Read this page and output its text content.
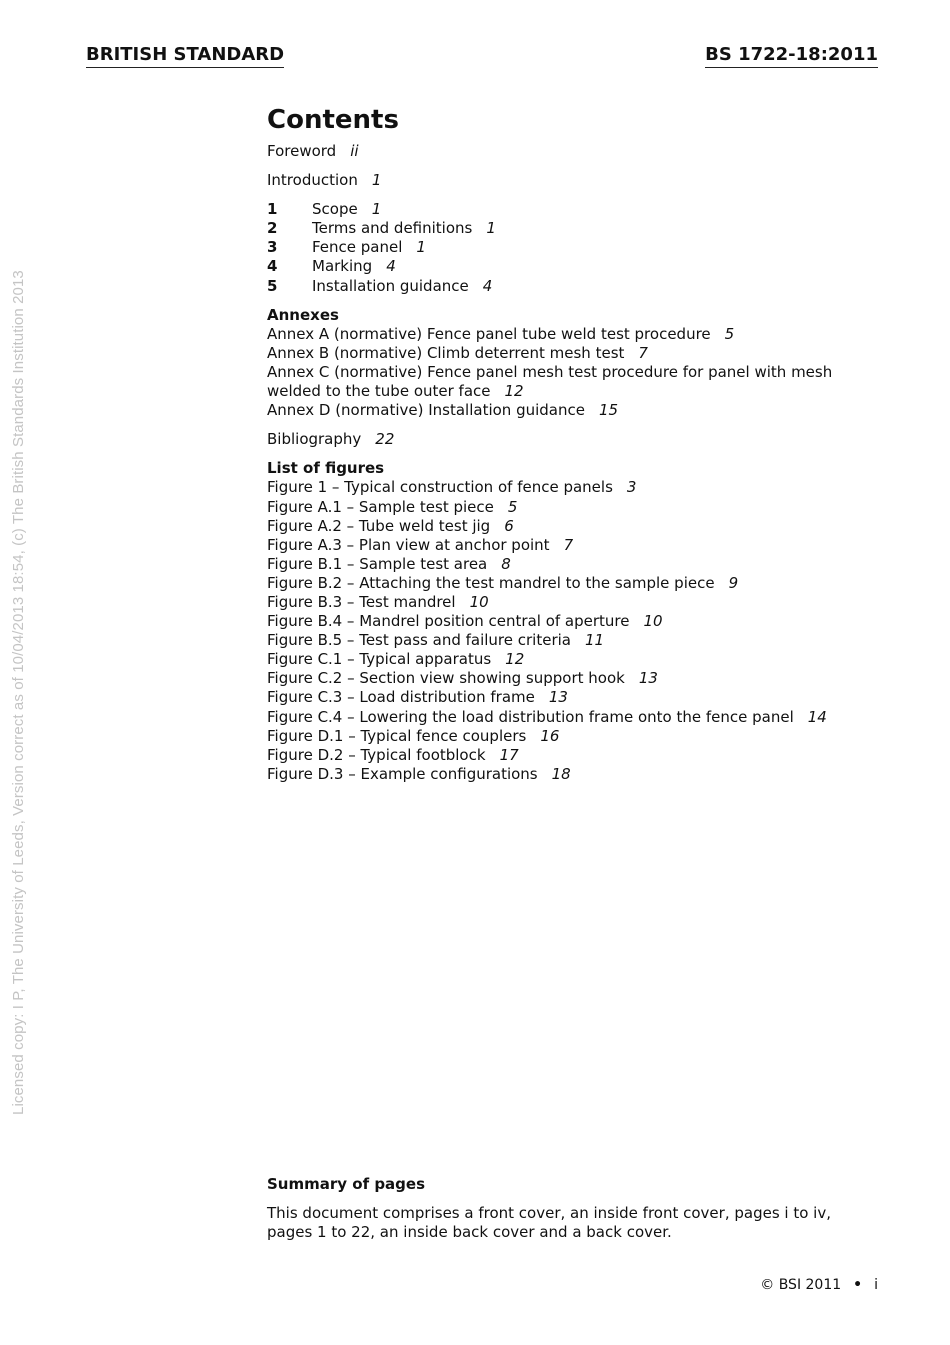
BRITISH STANDARD	BS 1722-18:2011
Licensed copy: I P, The University of Leeds, Version correct as of 10/04/2013 18:54, (c) The British Standards Institution 2013
Contents
Foreword ii
Introduction 1
1	Scope 1
2	Terms and definitions 1
3	Fence panel 1
4	Marking 4
5	Installation guidance 4
Annexes
Annex A (normative) Fence panel tube weld test procedure 5
Annex B (normative) Climb deterrent mesh test 7
Annex C (normative) Fence panel mesh test procedure for panel with mesh
welded to the tube outer face 12
Annex D (normative) Installation guidance 15
Bibliography 22
List of figures
Figure 1 – Typical construction of fence panels 3
Figure A.1 – Sample test piece 5
Figure A.2 – Tube weld test jig 6
Figure A.3 – Plan view at anchor point 7
Figure B.1 – Sample test area 8
Figure B.2 – Attaching the test mandrel to the sample piece 9
Figure B.3 – Test mandrel 10
Figure B.4 – Mandrel position central of aperture 10
Figure B.5 – Test pass and failure criteria 11
Figure C.1 – Typical apparatus 12
Figure C.2 – Section view showing support hook 13
Figure C.3 – Load distribution frame 13
Figure C.4 – Lowering the load distribution frame onto the fence panel 14
Figure D.1 – Typical fence couplers 16
Figure D.2 – Typical footblock 17
Figure D.3 – Example configurations 18
Summary of pages
This document comprises a front cover, an inside front cover, pages i to iv,
pages 1 to 22, an inside back cover and a back cover.
© BSI 2011 • i
